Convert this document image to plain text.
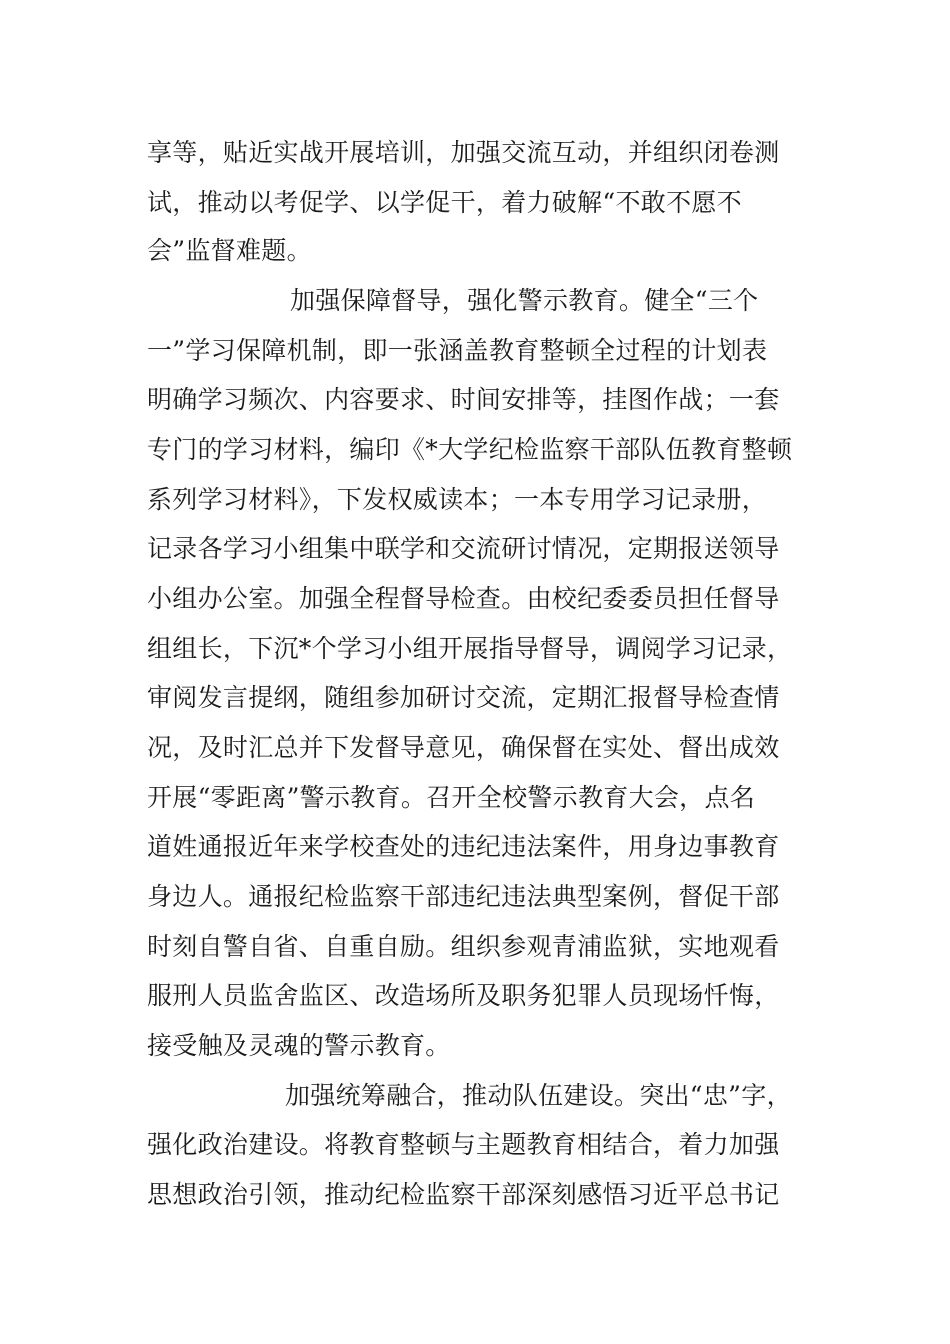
享等，贴近实战开展培训，加强交流互动，并组织闭卷测
试，推动以考促学、以学促干，着力破解“不敢不愿不
会”监督难题。
加强保障督导，强化警示教育。健全“三个
一”学习保障机制，即一张涵盖教育整顿全过程的计划表
明确学习频次、内容要求、时间安排等，挂图作战；一套
专门的学习材料，编印《*大学纪检监察干部队伍教育整顿
系列学习材料》，下发权威读本；一本专用学习记录册，
记录各学习小组集中联学和交流研讨情况，定期报送领导
小组办公室。加强全程督导检查。由校纪委委员担任督导
组组长，下沉*个学习小组开展指导督导，调阅学习记录，
审阅发言提纲，随组参加研讨交流，定期汇报督导检查情
况，及时汇总并下发督导意见，确保督在实处、督出成效
开展“零距离”警示教育。召开全校警示教育大会，点名
道姓通报近年来学校查处的违纪违法案件，用身边事教育
身边人。通报纪检监察干部违纪违法典型案例，督促干部
时刻自警自省、自重自励。组织参观青浦监狱，实地观看
服刑人员监舍监区、改造场所及职务犯罪人员现场忏悔，
接受触及灵魂的警示教育。
加强统筹融合，推动队伍建设。突出“忠”字，
强化政治建设。将教育整顿与主题教育相结合，着力加强
思想政治引领，推动纪检监察干部深刻感悟习近平总书记
